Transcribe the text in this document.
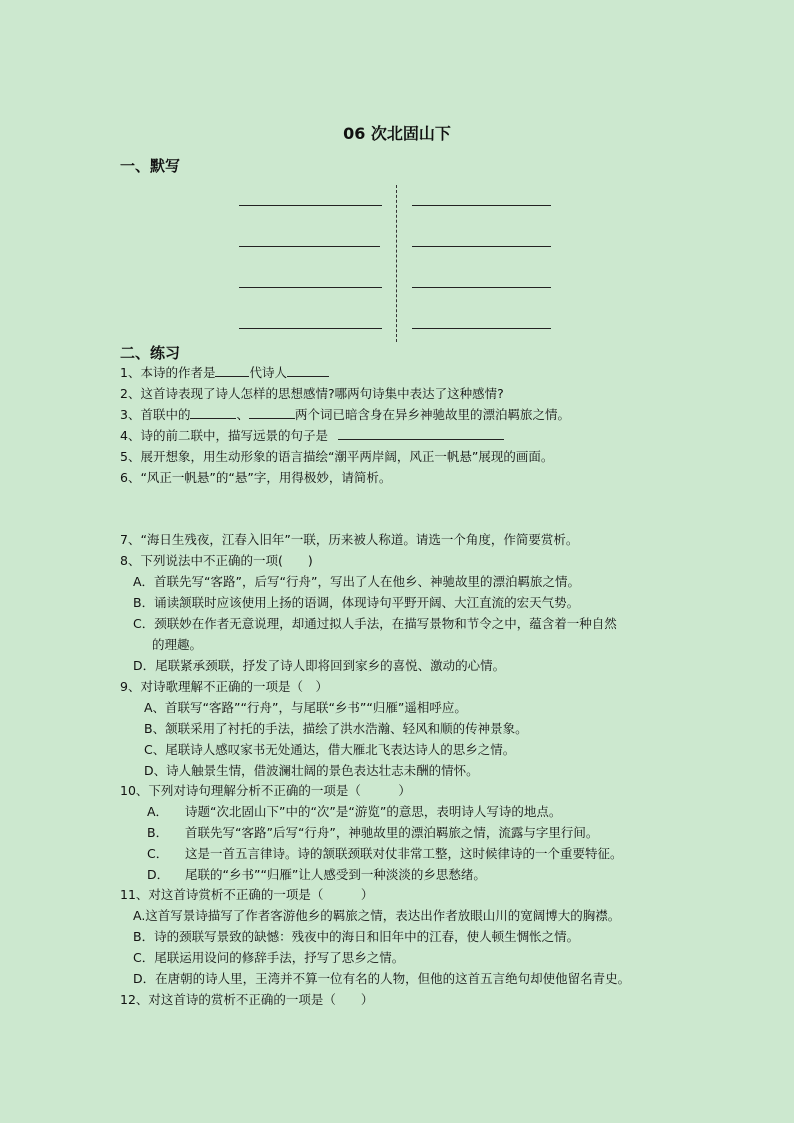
06 次北固山下
一、默写
二、练习
1、本诗的作者是	代诗人
2、这首诗表现了诗人怎样的思想感情?哪两句诗集中表达了这种感情?
3、首联中的	、	两个词已暗含身在异乡神驰故里的漂泊羁旅之情。
4、诗的前二联中，描写远景的句子是
5、展开想象，用生动形象的语言描绘“潮平两岸阔，风正一帆悬”展现的画面。
6、“风正一帆悬”的“悬”字，用得极妙，请简析。
7、“海日生残夜，江春入旧年”一联，历来被人称道。请选一个角度，作简要赏析。
8、下列说法中不正确的一项(　　)
A．首联先写“客路”，后写“行舟”，写出了人在他乡、神驰故里的漂泊羁旅之情。
B．诵读颔联时应该使用上扬的语调，体现诗句平野开阔、大江直流的宏天气势。
C．颈联妙在作者无意说理，却通过拟人手法，在描写景物和节令之中，蕴含着一种自然
的理趣。
D．尾联紧承颈联，抒发了诗人即将回到家乡的喜悦、激动的心情。
9、对诗歌理解不正确的一项是（　）
A、首联写“客路”“行舟”，与尾联“乡书”“归雁”遥相呼应。
B、颔联采用了衬托的手法，描绘了洪水浩瀚、轻风和顺的传神景象。
C、尾联诗人感叹家书无处通达，借大雁北飞表达诗人的思乡之情。
D、诗人触景生情，借波澜壮阔的景色表达壮志未酬的情怀。
10、下列对诗句理解分析不正确的一项是（　　　）
A． 诗题“次北固山下”中的“次”是“游览”的意思，表明诗人写诗的地点。
B． 首联先写“客路”后写“行舟”，神驰故里的漂泊羁旅之情，流露与字里行间。
C． 这是一首五言律诗。诗的颔联颈联对仗非常工整，这时候律诗的一个重要特征。
D． 尾联的“乡书”“归雁”让人感受到一种淡淡的乡思愁绪。
11、对这首诗赏析不正确的一项是（　　　）
A.这首写景诗描写了作者客游他乡的羁旅之情，表达出作者放眼山川的宽阔博大的胸襟。
B．诗的颈联写景致的缺憾：残夜中的海日和旧年中的江春，使人顿生惆怅之情。
C．尾联运用设问的修辞手法，抒写了思乡之情。
D．在唐朝的诗人里，王湾并不算一位有名的人物，但他的这首五言绝句却使他留名青史。
12、对这首诗的赏析不正确的一项是（　　）
